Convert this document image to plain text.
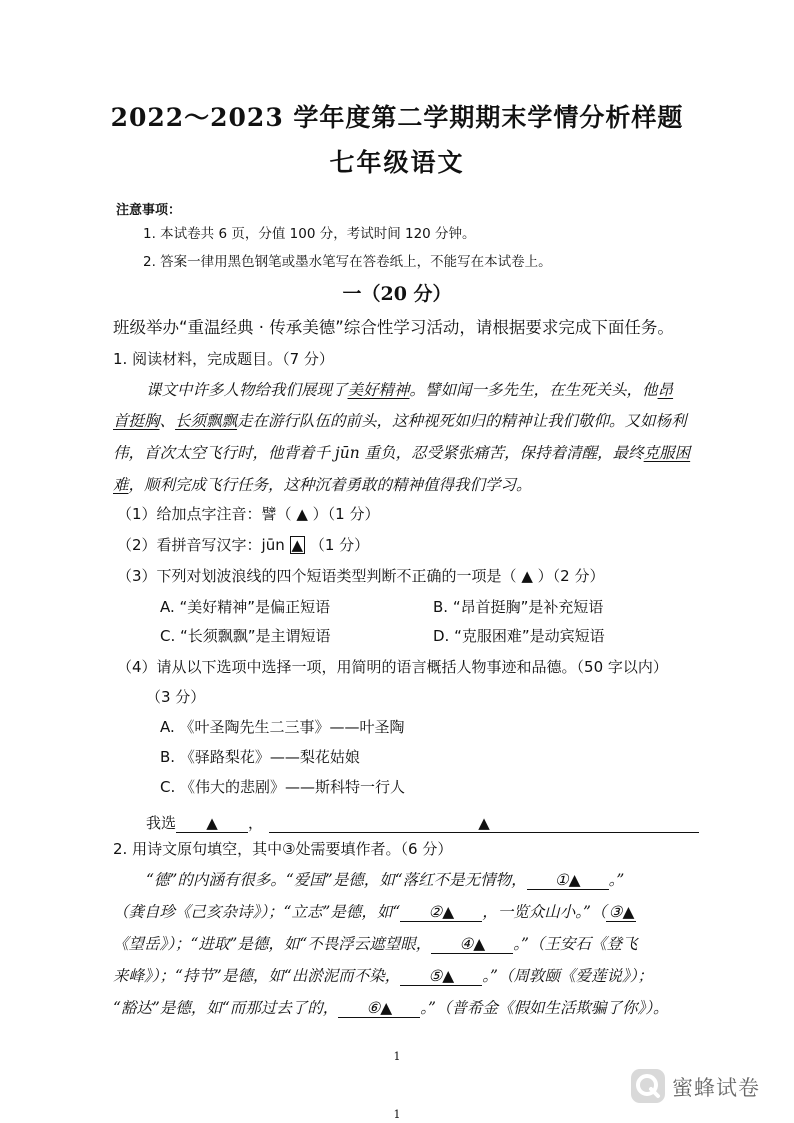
2022～2023 学年度第二学期期末学情分析样题
七年级语文
注意事项：
1. 本试卷共 6 页，分值 100 分，考试时间 120 分钟。
2. 答案一律用黑色钢笔或墨水笔写在答卷纸上，不能写在本试卷上。
一（20 分）
班级举办“重温经典 · 传承美德”综合性学习活动，请根据要求完成下面任务。
1. 阅读材料，完成题目。（7 分）
课文中许多人物给我们展现了美好精神。譬如闻一多先生，在生死关头，他昂
首挺胸、长须飘飘走在游行队伍的前头，这种视死如归的精神让我们敬仰。又如杨利
伟，首次太空飞行时，他背着千 jūn 重负，忍受紧张痛苦，保持着清醒，最终克服困
难，顺利完成飞行任务，这种沉着勇敢的精神值得我们学习。
（1）给加点字注音：譬（ ▲ ）（1 分）
（2）看拼音写汉字：jūn ▲ （1 分）
（3）下列对划波浪线的四个短语类型判断不正确的一项是（ ▲ ）（2 分）
A. “美好精神”是偏正短语	B. “昂首挺胸”是补充短语
C. “长须飘飘”是主谓短语	D. “克服困难”是动宾短语
（4）请从以下选项中选择一项，用简明的语言概括人物事迹和品德。（50 字以内）
（3 分）
A. 《叶圣陶先生二三事》——叶圣陶
B. 《驿路梨花》——梨花姑娘
C. 《伟大的悲剧》——斯科特一行人
我选 ▲ ，	▲
2. 用诗文原句填空，其中③处需要填作者。（6 分）
“德”的内涵有很多。“爱国”是德，如“落红不是无情物， ①▲ 。”
（龚自珍《己亥杂诗》）；“立志”是德，如“ ②▲ ，一览众山小。”（ ③▲
《望岳》）；“进取”是德，如“不畏浮云遮望眼， ④▲ 。”（王安石《登飞
来峰》）；“持节”是德，如“出淤泥而不染， ⑤▲ 。”（周敦颐《爱莲说》）；
“豁达”是德，如“而那过去了的， ⑥▲ 。”（普希金《假如生活欺骗了你》）。
1
1
蜜蜂试卷
